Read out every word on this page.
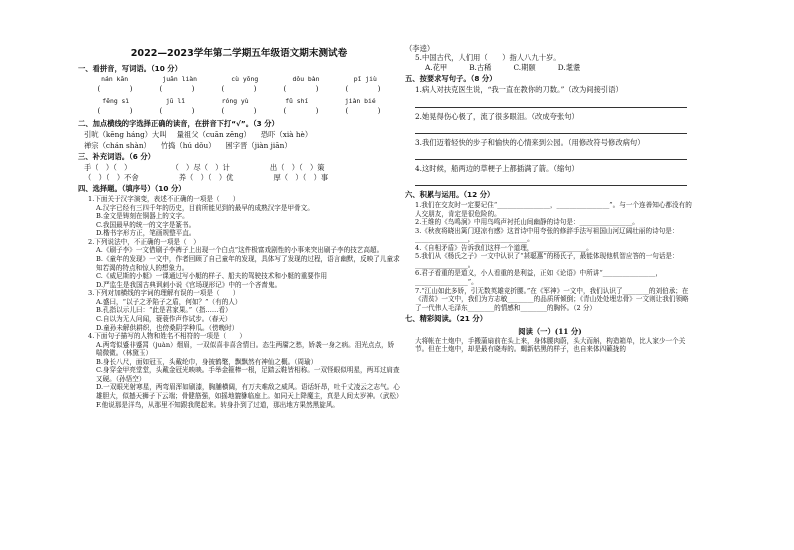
2022—2023学年第二学期五年级语文期末测试卷
一、看拼音，写词语。（10 分）
nán kān	juān liàn	cù yōng	dǒu bàn	pǐ jiù
(　　　　)	(　　　　)	(　　　　)	(　　　　)	(　　　　)
fēng sì	jū lǐ	róng yù	fǔ shí	jiàn bié
(　　　　)	(　　　　)	(　　　　)	(　　　　)	(　　　　)
二、加点横线的字选择正确的读音，在拼音下打“√”。（3 分）
引吭（kēng háng）大叫 量祖父（cuān zēng） 恐吓（xià hè）
禅宗（chán shàn） 竹捣（hú dǒu） 困字晋（jiàn jiān）
三、补充词语。（6 分）
手（　）（　）	（　）尽（　）计	出（　）（　）策
（　）（　）不舍	养（　）（　）优	厚（　）（　）事
四、选择题。（填序号）（10 分）

1.下面关于汉字演变，表述不正确的一项是（　　）

A.汉字已经有三四千年的历史，目前所能见到的最早的成熟汉字是甲骨文。

B.金文是铸刻在铜器上的文字。

C.我国最早的统一的文字是篆书。

D.楷书字形方正，笔画规整平直。

2.下列说法中，不正确的一项是（　）

A.《刷子李》一文借刷子李裤子上出现一个白点”这件极富戏剧性的小事来突出刷子李的技艺高超。

B.《童年的发现》一文中，作者回顾了自己童年的发现，具体写了发现的过程，语言幽默，反映了儿童求知若渴的特点和惊人的想象力。

C.《威尼斯的小艇》一课通过写小艇的样子、船夫的驾驶技术和小艇的重要作用

D.严监生是我国古典讽刺小说《官场现形记》中的一个吝啬鬼。

3.下列对加横线的字词的理解有误的一项是（　　）

A.盛曰，“以子之矛陷子之盾，何如？”（有的人）

B.孔指以示儿曰：“此是君家果。”（指……看）

C.自以为无人问闻，蓑蓑作声作试步。（春天）

D.童孙未解供耕织，也傍桑阴学种瓜。（傍晚时）

4.下面句子描写的人物和姓名不相符的一项是（　　）

A.两弯似蹙非蹙罥（juàn）烟眉，一双似喜非喜含情目。态生两靥之愁，娇袭一身之病。泪光点点，娇喘微微。（林黛玉）

B.身长八尺，面如冠玉，头戴纶巾，身披鹤氅，飘飘然有神仙之概。（周瑜）

C.身穿金甲亮堂堂，头戴金冠光映映。手举金箍棒一根，足踏云鞋皆相称。一双怪眼似明星，两耳过肩查又硬。（孙悟空）

D.一双眼光射寒星，两弯眉浑如刷漆，胸脯横阔，有万夫难敌之威风。语话轩昂，吐千丈凌云之志气。心雄胆大，似撼天狮子下云端；骨健筋强，如摇地貔貅临座上。如同天上降魔主，真是人间太岁神。（武松）

F.他说那是洋鸟，从那里不知跟我爬起来。转身扑到了过道，那出地方果然黑旋风。

（李逵）

5.中国古代，人们用（　　）指人八九十岁。

A.花甲	B.古稀	C.期颐	D.耄耋
五、按要求写句子。（8 分）

1.病人对扶克医生说，“我一直在教你的刀数。”（改为间接引语）

2.她晃得伤心极了，流了很多眼泪。（改成夸张句）

3.我们迈着轻快的步子和愉快的心情来到公园。（用修改符号修改病句）

4.这时候，船两边的草梗子上都插满了箭。（缩句）

六、积累与运用。（12 分）

1.我们在交友时一定要记住“________________，________________”。与一个连善知心都没有的人交朋友，肯定是很危险的。

2.王维的《鸟鸣涧》中用鸟鸣声衬托山间幽静的诗句是：________________。

3.《秋夜将晓出篱门迎凉有感》这首诗中用夸张的修辞手法写祖国山河辽阔壮丽的诗句是：________________，________________。

4.《自相矛盾》告诉我们这样一个道理，________________。

5.我们从《杨氏之子》一文中认识了“甚聪惠”的杨氏子，最能体现他机智应答的一句话是：________________。

6.君子看重的是道义，小人看重的是利益，正如《论语》中所讲“________________，________________”。

7.“江山如此多娇，引无数英雄竞折腰。”在《军神》一文中，我们认识了________的刘伯承；在《清贫》一文中，我们为方志敏________的品质所倾倒；《青山处处埋忠骨》一文则让我们领略了一代伟人毛泽东________的情感和________的胸怀。（2 分）

七、精彩阅读。（21 分）
阅读（一）(11 分)

大将帐在土炮中，手搬蒲扇前在头上来，身体腰肉蔚，头大而斛，构造箱单，比人家少一个关节。但在土炮中，却是最有晓寿的。蝎新枯黑的样子，也自来体四籁拢的
